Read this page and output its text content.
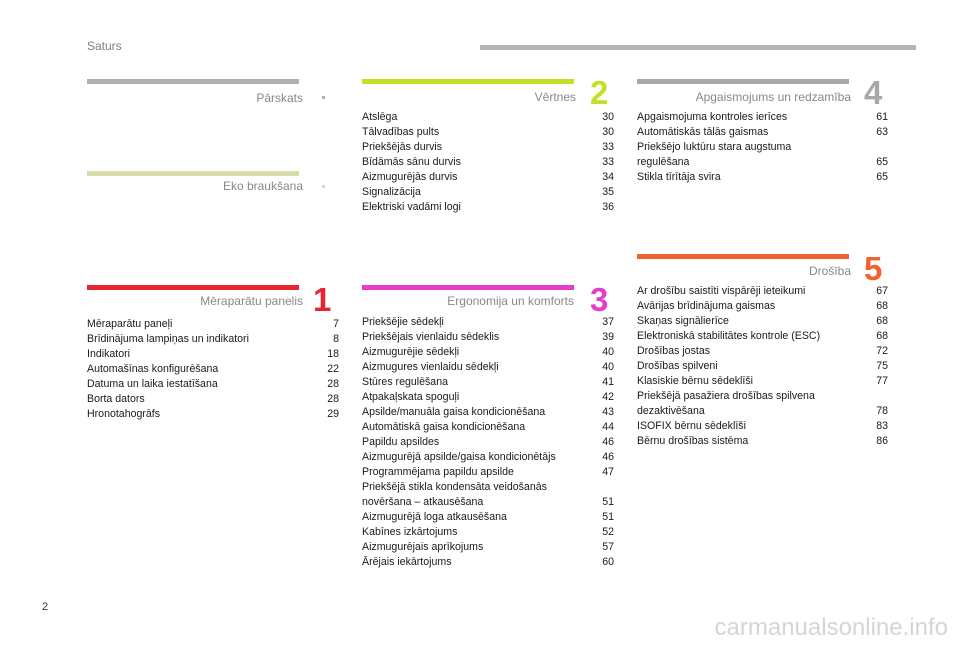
Saturs
Pārskats
Eko braukšana
1
Mēraparātu panelis
Mēraparātu paneļi	7
Brīdinājuma lampiņas un indikatori	8
Indikatori	18
Automašīnas konfigurēšana	22
Datuma un laika iestatīšana	28
Borta dators	28
Hronotahogrāfs	29
2
Vērtnes
Atslēga	30
Tālvadības pults	30
Priekšējās durvis	33
Bīdāmās sānu durvis	33
Aizmugurējās durvis	34
Signalizācija	35
Elektriski vadāmi logi	36
3
Ergonomija un komforts
Priekšējie sēdekļi	37
Priekšējais vienlaidu sēdeklis	39
Aizmugurējie sēdekļi	40
Aizmugures vienlaidu sēdekļi	40
Stūres regulēšana	41
Atpakaļskata spoguļi	42
Apsilde/manuāla gaisa kondicionēšana	43
Automātiskā gaisa kondicionēšana	44
Papildu apsildes	46
Aizmugurējā apsilde/gaisa kondicionētājs	46
Programmējama papildu apsilde	47
Priekšējā stikla kondensāta veidošanās
novēršana – atkausēšana	51
Aizmugurējā loga atkausēšana	51
Kabīnes izkārtojums	52
Aizmugurējais aprīkojums	57
Ārējais iekārtojums	60
4
Apgaismojums un redzamība
Apgaismojuma kontroles ierīces	61
Automātiskās tālās gaismas	63
Priekšējo luktūru stara augstuma
regulēšana	65
Stikla tīrītāja svira	65
5
Drošība
Ar drošību saistīti vispārēji ieteikumi	67
Avārijas brīdinājuma gaismas	68
Skaņas signālierīce	68
Elektroniskā stabilitātes kontrole (ESC)	68
Drošības jostas	72
Drošības spilveni	75
Klasiskie bērnu sēdeklīši	77
Priekšējā pasažiera drošības spilvena
dezaktivēšana	78
ISOFIX bērnu sēdeklīši	83
Bērnu drošības sistēma	86
2
carmanualsonline.info
